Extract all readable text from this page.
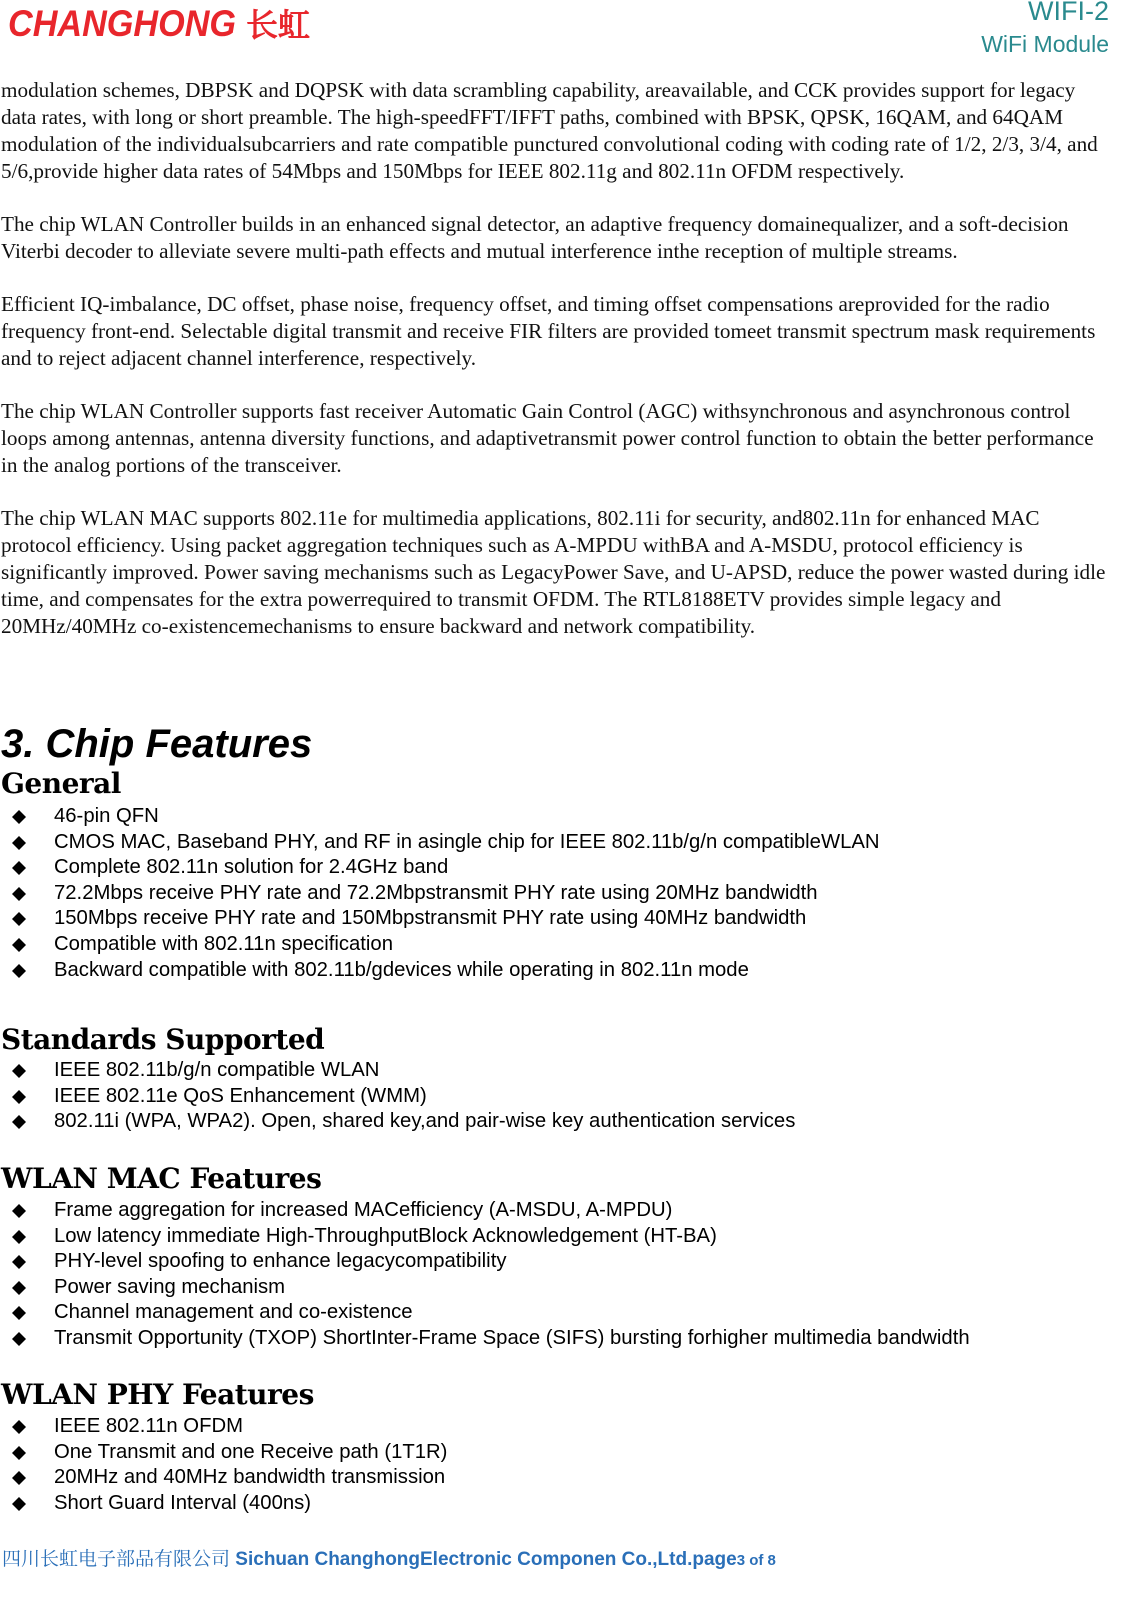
CHANGHONG 长虹	WIFI-2
WiFi Module

modulation schemes, DBPSK and DQPSK with data scrambling capability, areavailable, and CCK provides support for legacy data rates, with long or short preamble. The high-speedFFT/IFFT paths, combined with BPSK, QPSK, 16QAM, and 64QAM modulation of the individualsubcarriers and rate compatible punctured convolutional coding with coding rate of 1/2, 2/3, 3/4, and 5/6,provide higher data rates of 54Mbps and 150Mbps for IEEE 802.11g and 802.11n OFDM respectively.

The chip WLAN Controller builds in an enhanced signal detector, an adaptive frequency domainequalizer, and a soft-decision Viterbi decoder to alleviate severe multi-path effects and mutual interference inthe reception of multiple streams.

Efficient IQ-imbalance, DC offset, phase noise, frequency offset, and timing offset compensations areprovided for the radio frequency front-end. Selectable digital transmit and receive FIR filters are provided tomeet transmit spectrum mask requirements and to reject adjacent channel interference, respectively.

The chip WLAN Controller supports fast receiver Automatic Gain Control (AGC) withsynchronous and asynchronous control loops among antennas, antenna diversity functions, and adaptivetransmit power control function to obtain the better performance in the analog portions of the transceiver.

The chip WLAN MAC supports 802.11e for multimedia applications, 802.11i for security, and802.11n for enhanced MAC protocol efficiency. Using packet aggregation techniques such as A-MPDU withBA and A-MSDU, protocol efficiency is significantly improved. Power saving mechanisms such as LegacyPower Save, and U-APSD, reduce the power wasted during idle time, and compensates for the extra powerrequired to transmit OFDM. The RTL8188ETV provides simple legacy and 20MHz/40MHz co-existencemechanisms to ensure backward and network compatibility.

3. Chip Features
General
46-pin QFN
CMOS MAC, Baseband PHY, and RF in asingle chip for IEEE 802.11b/g/n compatibleWLAN
Complete 802.11n solution for 2.4GHz band
72.2Mbps receive PHY rate and 72.2Mbpstransmit PHY rate using 20MHz bandwidth
150Mbps receive PHY rate and 150Mbpstransmit PHY rate using 40MHz bandwidth
Compatible with 802.11n specification
Backward compatible with 802.11b/gdevices while operating in 802.11n mode
Standards Supported
IEEE 802.11b/g/n compatible WLAN
IEEE 802.11e QoS Enhancement (WMM)
802.11i (WPA, WPA2). Open, shared key,and pair-wise key authentication services
WLAN MAC Features
Frame aggregation for increased MACefficiency (A-MSDU, A-MPDU)
Low latency immediate High-ThroughputBlock Acknowledgement (HT-BA)
PHY-level spoofing to enhance legacycompatibility
Power saving mechanism
Channel management and co-existence
Transmit Opportunity (TXOP) ShortInter-Frame Space (SIFS) bursting forhigher multimedia bandwidth
WLAN PHY Features
IEEE 802.11n OFDM
One Transmit and one Receive path (1T1R)
20MHz and 40MHz bandwidth transmission
Short Guard Interval (400ns)
四川长虹电子部品有限公司 Sichuan ChanghongElectronic Componen Co.,Ltd.page3 of 8
